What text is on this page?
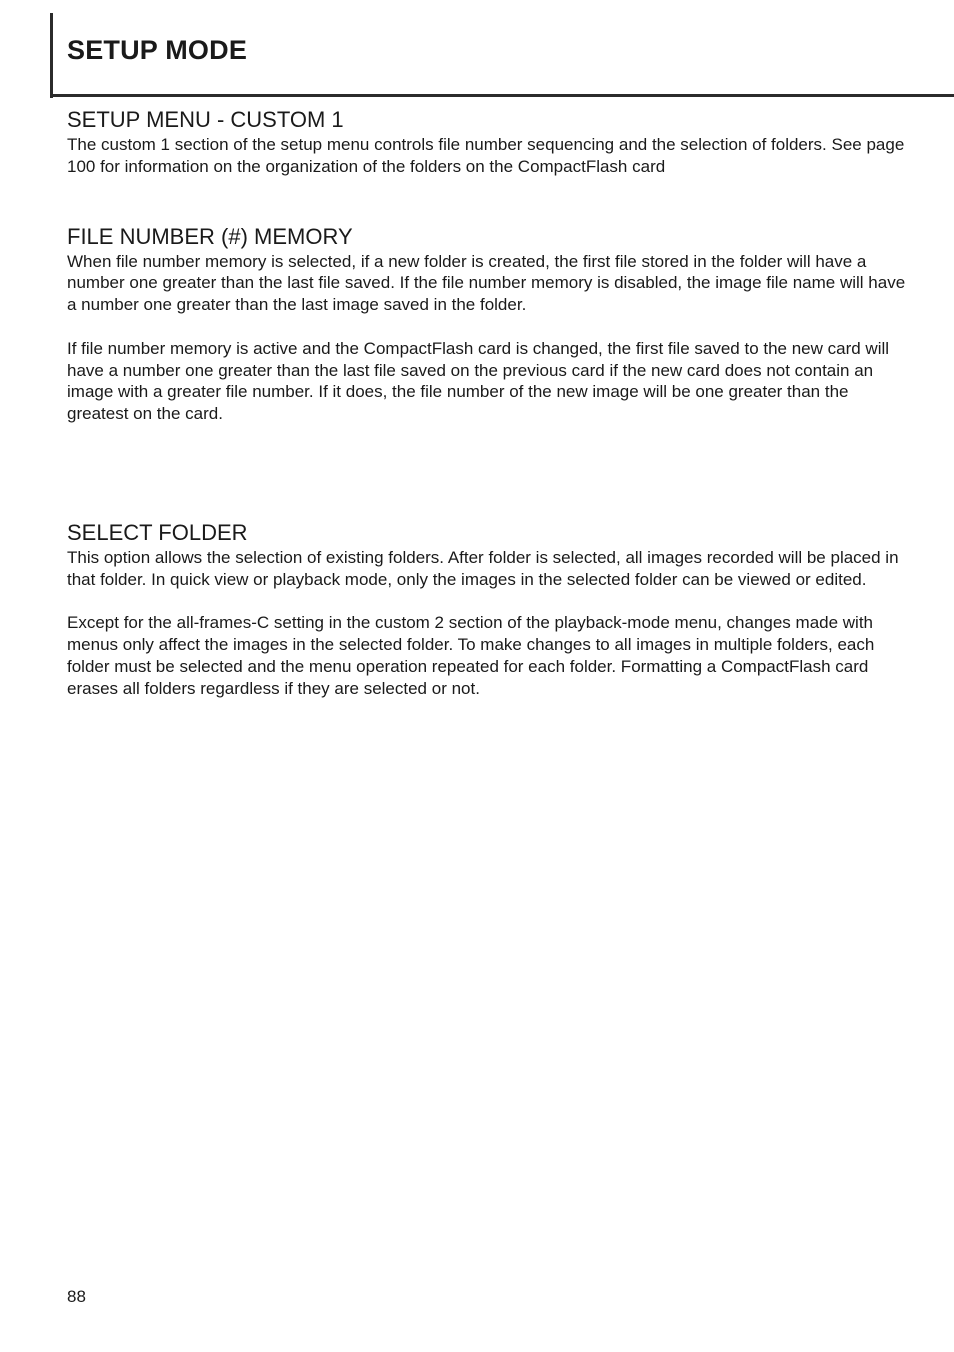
SETUP MODE
SETUP MENU - CUSTOM 1

The custom 1 section of the setup menu controls file number sequencing and the selection of folders. See page 100 for information on the organization of the folders on the CompactFlash card

FILE NUMBER (#) MEMORY

When file number memory is selected, if a new folder is created, the first file stored in the folder will have a number one greater than the last file saved. If the file number memory is disabled, the image file name will have a number one greater than the last image saved in the folder.

If file number memory is active and the CompactFlash card is changed, the first file saved to the new card will have a number one greater than the last file saved on the previous card if the new card does not contain an image with a greater file number. If it does, the file number of the new image will be one greater than the greatest on the card.

SELECT FOLDER

This option allows the selection of existing folders. After folder is selected, all images recorded will be placed in that folder. In quick view or playback mode, only the images in the selected folder can be viewed or edited.

Except for the all-frames-C setting in the custom 2 section of the playback-mode menu, changes made with menus only affect the images in the selected folder. To make changes to all images in multiple folders, each folder must be selected and the menu operation repeated for each folder. Formatting a CompactFlash card erases all folders regardless if they are selected or not.

88
